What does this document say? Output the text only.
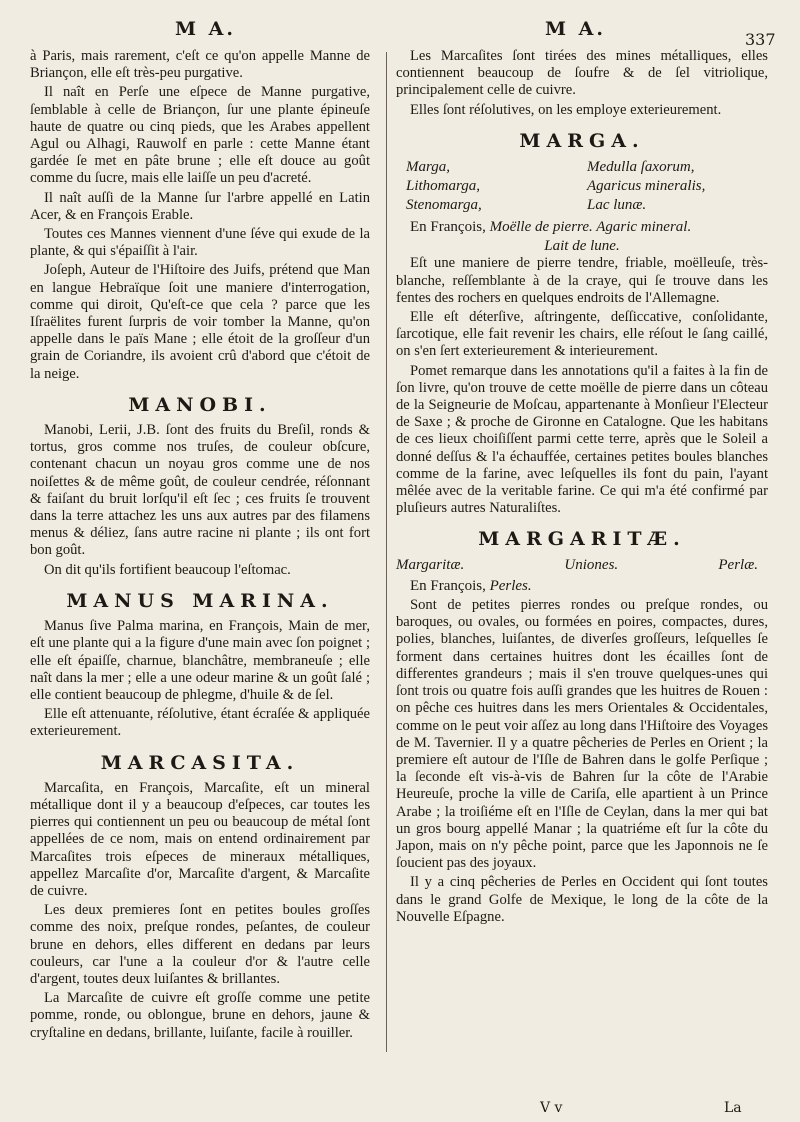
M A.	M A.	337

à Paris, mais rarement, c'eſt ce qu'on appelle Manne de Briançon, elle eſt très-peu purgative.

Il naît en Perſe une eſpece de Manne purgative, ſemblable à celle de Briançon, ſur une plante épineuſe haute de quatre ou cinq pieds, que les Arabes appellent Agul ou Alhagi, Rauwolf en parle : cette Manne étant gardée ſe met en pâte brune ; elle eſt douce au goût comme du ſucre, mais elle laiſſe un peu d'acreté.

Il naît auſſi de la Manne ſur l'arbre appellé en Latin Acer, & en François Erable.

Toutes ces Mannes viennent d'une ſéve qui exude de la plante, & qui s'épaiſſit à l'air.

Joſeph, Auteur de l'Hiſtoire des Juifs, prétend que Man en langue Hebraïque ſoit une maniere d'interrogation, comme qui diroit, Qu'eſt-ce que cela ? parce que les Iſraëlites furent ſurpris de voir tomber la Manne, qu'on appelle dans le païs Mane ; elle étoit de la groſſeur d'un grain de Coriandre, ils avoient crû d'abord que c'étoit de la neige.

MANOBI.

Manobi, Lerii, J.B. ſont des fruits du Breſil, ronds & tortus, gros comme nos truſes, de couleur obſcure, contenant chacun un noyau gros comme une de nos noiſettes & de même goût, de couleur cendrée, réſonnant & faiſant du bruit lorſqu'il eſt ſec ; ces fruits ſe trouvent dans la terre attachez les uns aux autres par des filamens menus & déliez, ſans autre racine ni plante ; ils ont fort bon goût.

On dit qu'ils fortifient beaucoup l'eſtomac.

MANUS MARINA.

Manus ſive Palma marina, en François, Main de mer, eſt une plante qui a la figure d'une main avec ſon poignet ; elle eſt épaiſſe, charnue, blanchâtre, membraneuſe ; elle naît dans la mer ; elle a une odeur marine & un goût ſalé ; elle contient beaucoup de phlegme, d'huile & de ſel.

Elle eſt attenuante, réſolutive, étant écraſée & appliquée exterieurement.

MARCASITA.

Marcaſita, en François, Marcaſite, eſt un mineral métallique dont il y a beaucoup d'eſpeces, car toutes les pierres qui contiennent un peu ou beaucoup de métal ſont appellées de ce nom, mais on entend ordinairement par Marcaſites trois eſpeces de mineraux métalliques, appellez Marcaſite d'or, Marcaſite d'argent, & Marcaſite de cuivre.

Les deux premieres ſont en petites boules groſſes comme des noix, preſque rondes, peſantes, de couleur brune en dehors, elles different en dedans par leurs couleurs, car l'une a la couleur d'or & l'autre celle d'argent, toutes deux luiſantes & brillantes.

La Marcaſite de cuivre eſt groſſe comme une petite pomme, ronde, ou oblongue, brune en dehors, jaune & cryſtaline en dedans, brillante, luiſante, facile à rouiller.

Les Marcaſites ſont tirées des mines métalliques, elles contiennent beaucoup de ſoufre & de ſel vitriolique, principalement celle de cuivre.

Elles ſont réſolutives, on les employe exterieurement.

MARGA.
Marga,	Medulla ſaxorum,
Lithomarga,	Agaricus mineralis,
Stenomarga,	Lac lunæ.

En François, Moëlle de pierre. Agaric mineral.

Lait de lune.

Eſt une maniere de pierre tendre, friable, moëlleuſe, très-blanche, reſſemblante à de la craye, qui ſe trouve dans les fentes des rochers en quelques endroits de l'Allemagne.

Elle eſt déterſive, aſtringente, deſſiccative, conſolidante, ſarcotique, elle fait revenir les chairs, elle réſout le ſang caillé, on s'en ſert exterieurement & interieurement.

Pomet remarque dans les annotations qu'il a faites à la fin de ſon livre, qu'on trouve de cette moëlle de pierre dans un côteau de la Seigneurie de Moſcau, appartenante à Monſieur l'Electeur de Saxe ; & proche de Gironne en Catalogne. Que les habitans de ces lieux choiſiſſent parmi cette terre, après que le Soleil a donné deſſus & l'a échauffée, certaines petites boules blanches comme de la farine, avec leſquelles ils font du pain, l'ayant mêlée avec de la veritable farine. Ce qui m'a été confirmé par pluſieurs autres Naturaliſtes.

MARGARITÆ.
Margaritæ.	Uniones.	Perlæ.

En François, Perles.

Sont de petites pierres rondes ou preſque rondes, ou baroques, ou ovales, ou formées en poires, compactes, dures, polies, blanches, luiſantes, de diverſes groſſeurs, leſquelles ſe forment dans certaines huitres dont les écailles ſont de differentes grandeurs ; mais il s'en trouve quelques-unes qui ſont trois ou quatre fois auſſi grandes que les huitres de Rouen : on pêche ces huitres dans les mers Orientales & Occidentales, comme on le peut voir aſſez au long dans l'Hiſtoire des Voyages de M. Tavernier. Il y a quatre pêcheries de Perles en Orient ; la premiere eſt autour de l'Iſle de Bahren dans le golfe Perſique ; la ſeconde eſt vis-à-vis de Bahren ſur la côte de l'Arabie Heureuſe, proche la ville de Cariſa, elle apartient à un Prince Arabe ; la troiſiéme eſt en l'Iſle de Ceylan, dans la mer qui bat un gros bourg appellé Manar ; la quatriéme eſt ſur la côte du Japon, mais on n'y pêche point, parce que les Japonnois ne ſe ſoucient pas des joyaux.

Il y a cinq pêcheries de Perles en Occident qui ſont toutes dans le grand Golfe de Mexique, le long de la côte de la Nouvelle Eſpagne.

V v	La
